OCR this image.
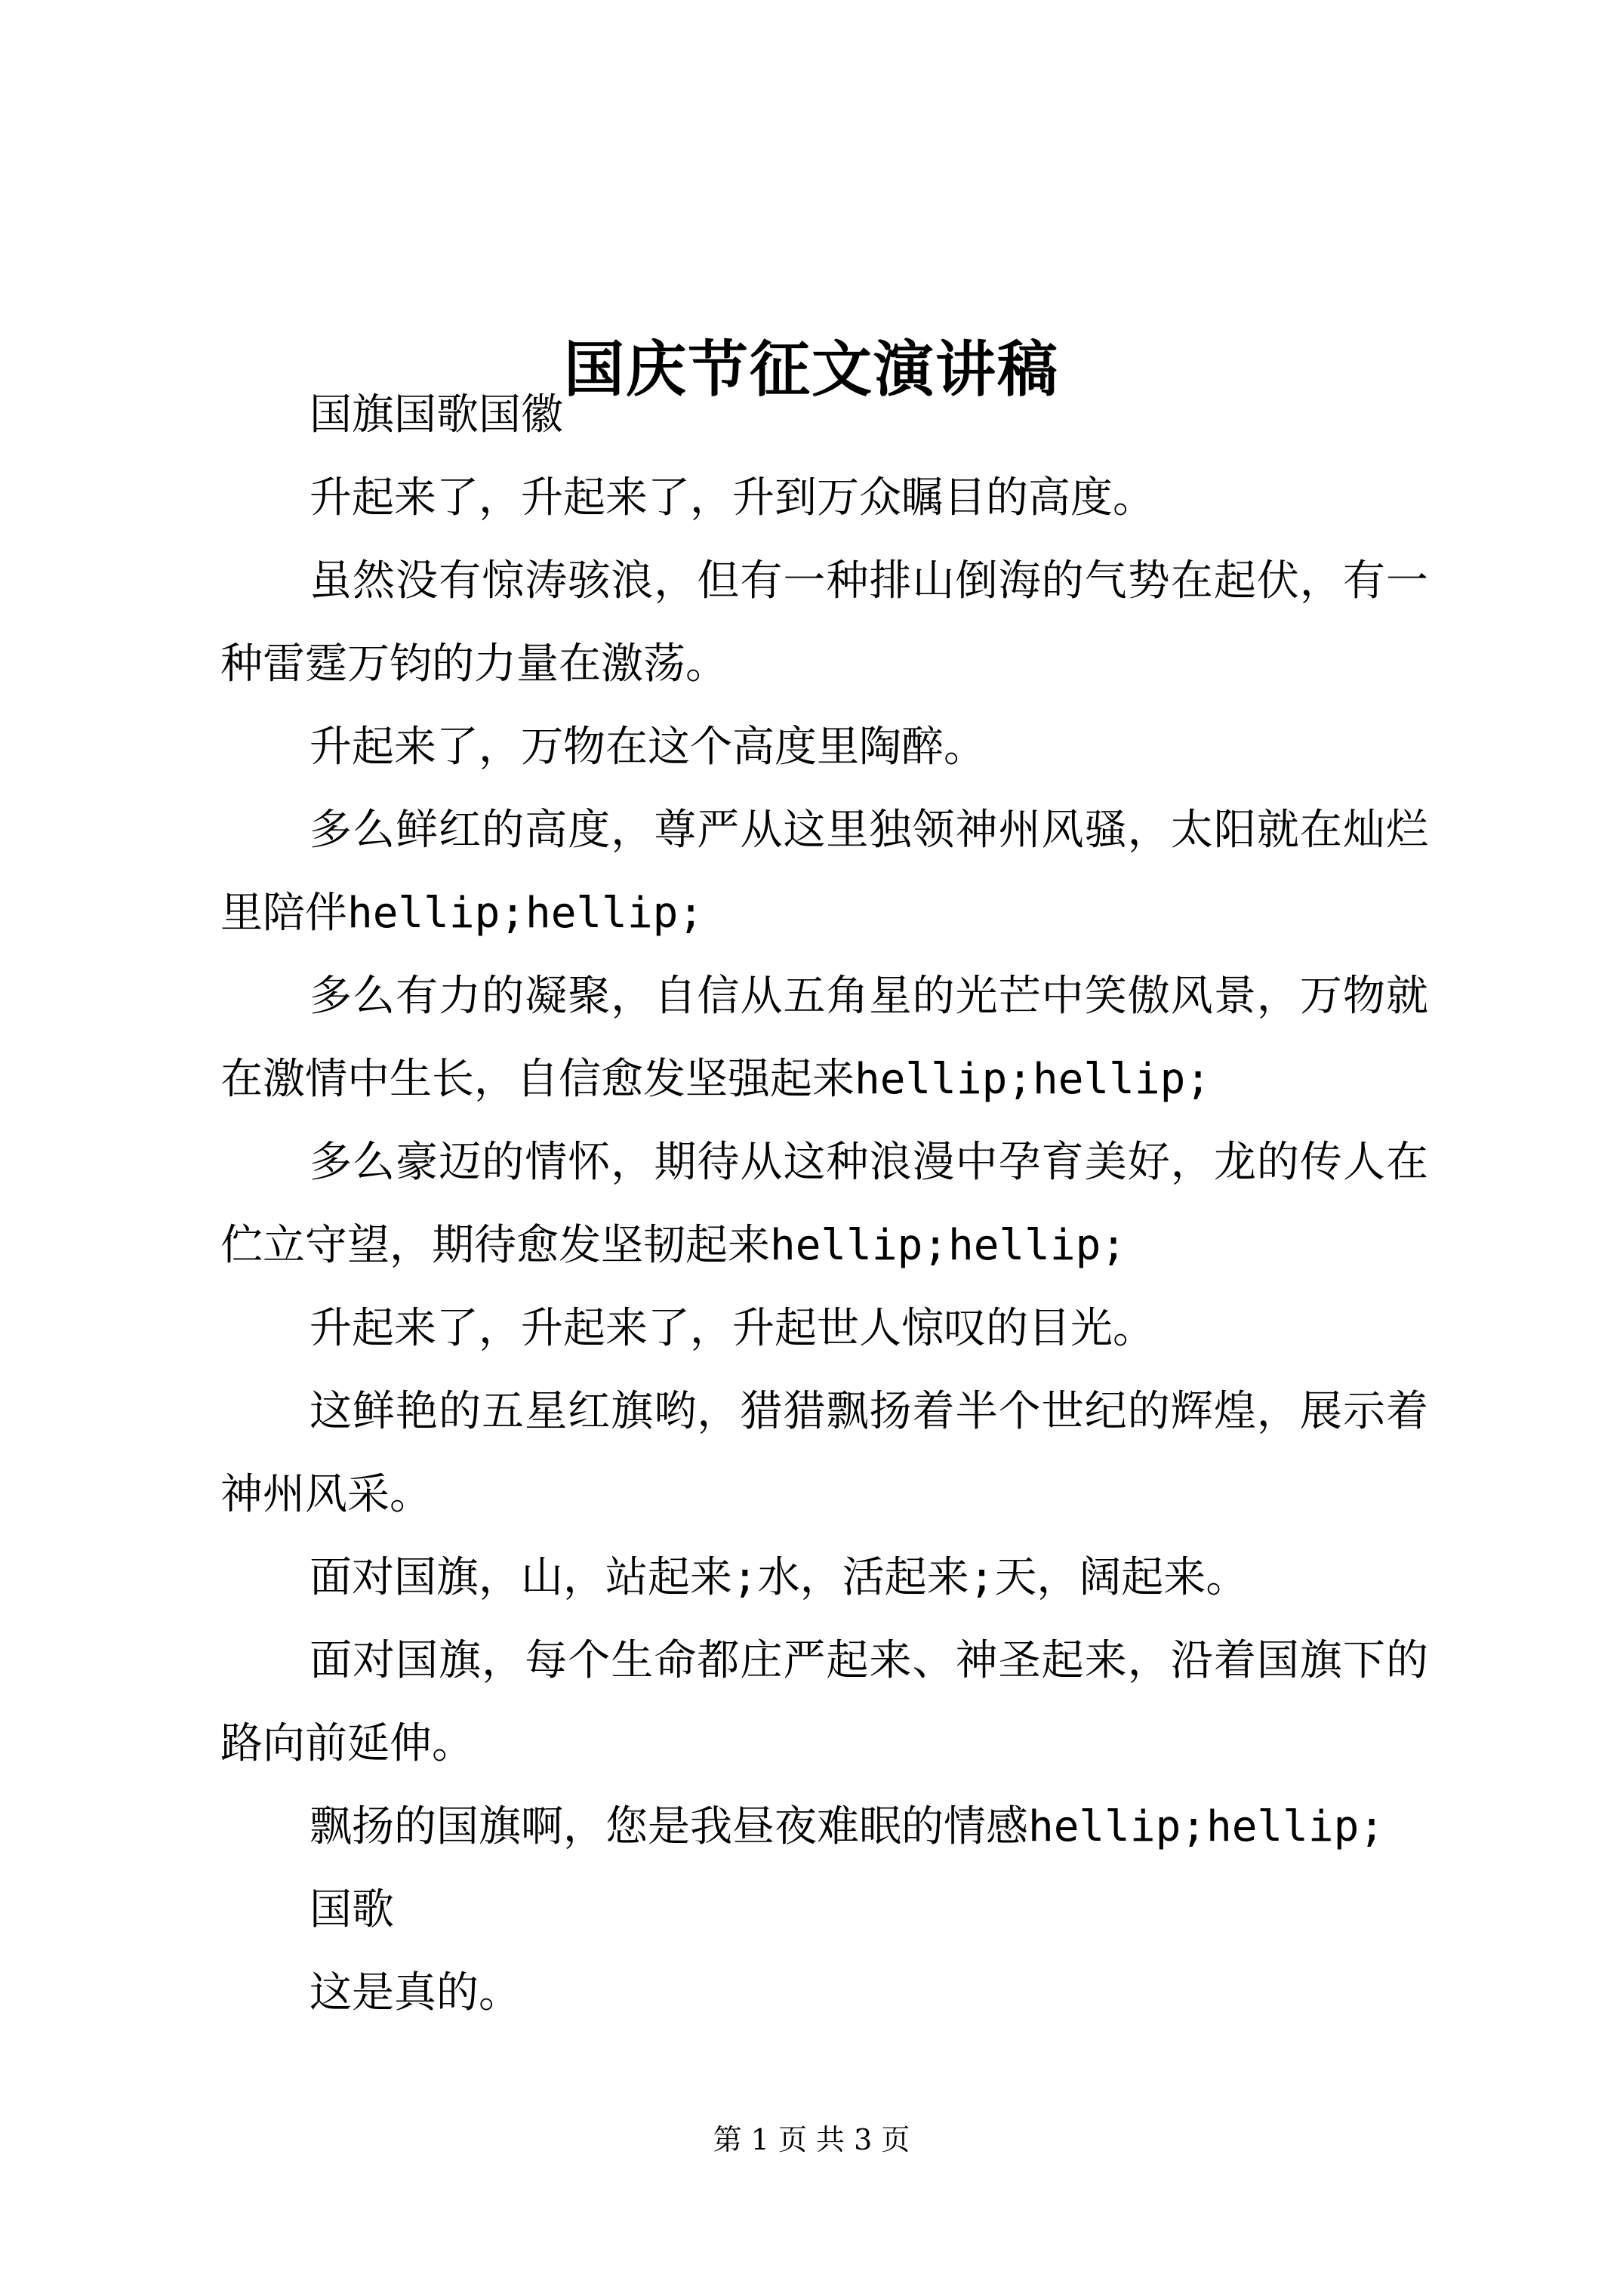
国庆节征文演讲稿

国旗国歌国徽

升起来了，升起来了，升到万众瞩目的高度。

虽然没有惊涛骇浪，但有一种排山倒海的气势在起伏，有一种雷霆万钧的力量在激荡。

升起来了，万物在这个高度里陶醉。

多么鲜红的高度，尊严从这里独领神州风骚，太阳就在灿烂里陪伴hellip;hellip;

多么有力的凝聚，自信从五角星的光芒中笑傲风景，万物就在激情中生长，自信愈发坚强起来hellip;hellip;

多么豪迈的情怀，期待从这种浪漫中孕育美好，龙的传人在伫立守望，期待愈发坚韧起来hellip;hellip;

升起来了，升起来了，升起世人惊叹的目光。

这鲜艳的五星红旗哟，猎猎飘扬着半个世纪的辉煌，展示着神州风采。

面对国旗，山，站起来;水，活起来;天，阔起来。

面对国旗，每个生命都庄严起来、神圣起来，沿着国旗下的路向前延伸。

飘扬的国旗啊，您是我昼夜难眠的情感hellip;hellip;

国歌

这是真的。

第 1 页 共 3 页
